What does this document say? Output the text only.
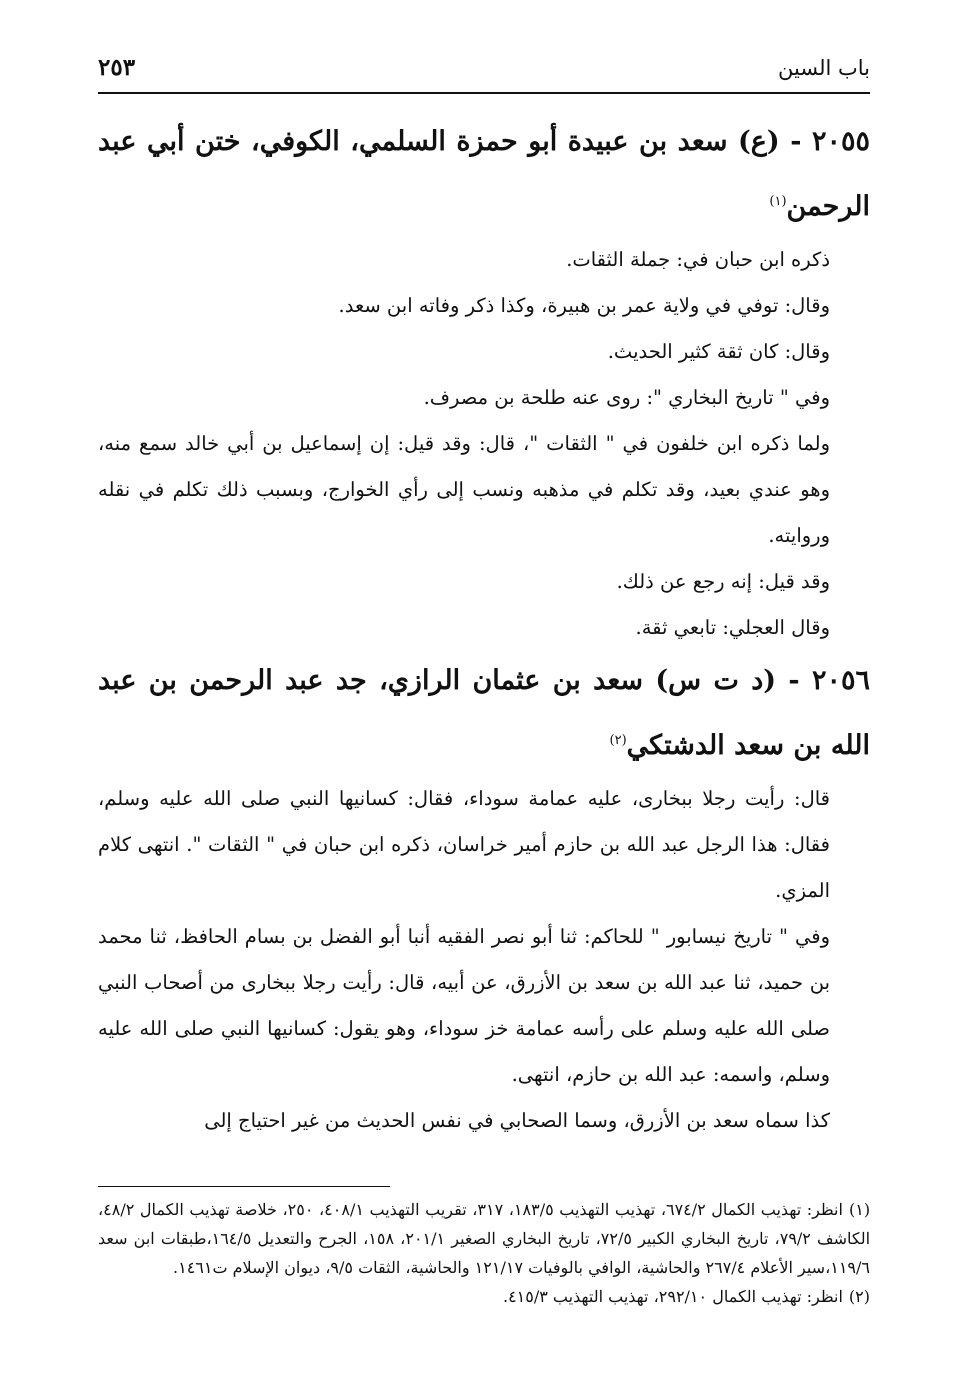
باب السين
٢٥٣

٢٠٥٥ - (ع) سعد بن عبيدة أبو حمزة السلمي، الكوفي، ختن أبي عبد الرحمن$^{(١)}$

ذكره ابن حبان في: جملة الثقات.

وقال: توفي في ولاية عمر بن هبيرة، وكذا ذكر وفاته ابن سعد.

وقال: كان ثقة كثير الحديث.

وفي " تاريخ البخاري ": روى عنه طلحة بن مصرف.

ولما ذكره ابن خلفون في " الثقات "، قال: وقد قيل: إن إسماعيل بن أبي خالد سمع منه، وهو عندي بعيد، وقد تكلم في مذهبه ونسب إلى رأي الخوارج، وبسبب ذلك تكلم في نقله وروايته.

وقد قيل: إنه رجع عن ذلك.

وقال العجلي: تابعي ثقة.

٢٠٥٦ - (د ت س) سعد بن عثمان الرازي، جد عبد الرحمن بن عبد الله بن سعد الدشتكي$^{(٢)}$

قال: رأيت رجلا ببخارى، عليه عمامة سوداء، فقال: كسانيها النبي صلى الله عليه وسلم، فقال: هذا الرجل عبد الله بن حازم أمير خراسان، ذكره ابن حبان في " الثقات ". انتهى كلام المزي.

وفي " تاريخ نيسابور " للحاكم: ثنا أبو نصر الفقيه أنبا أبو الفضل بن بسام الحافظ، ثنا محمد بن حميد، ثنا عبد الله بن سعد بن الأزرق، عن أبيه، قال: رأيت رجلا ببخارى من أصحاب النبي صلى الله عليه وسلم على رأسه عمامة خز سوداء، وهو يقول: كسانيها النبي صلى الله عليه وسلم، واسمه: عبد الله بن حازم، انتهى.

كذا سماه سعد بن الأزرق، وسما الصحابي في نفس الحديث من غير احتياج إلى

(١)انظر: تهذيب الكمال ٦٧٤/٢، تهذيب التهذيب ١٨٣/٥، ٣١٧، تقريب التهذيب ٤٠٨/١، ٢٥٠، خلاصة تهذيب الكمال ٤٨/٢، الكاشف ٧٩/٢، تاريخ البخاري الكبير ٧٢/٥، تاريخ البخاري الصغير ٢٠١/١، ١٥٨، الجرح والتعديل ١٦٤/٥،طبقات ابن سعد ١١٩/٦،سير الأعلام ٢٦٧/٤ والحاشية، الوافي بالوفيات ١٢١/١٧ والحاشية، الثقات ٩/٥، ديوان الإسلام ت١٤٦١.

(٢)انظر: تهذيب الكمال ٢٩٢/١٠، تهذيب التهذيب ٤١٥/٣.
